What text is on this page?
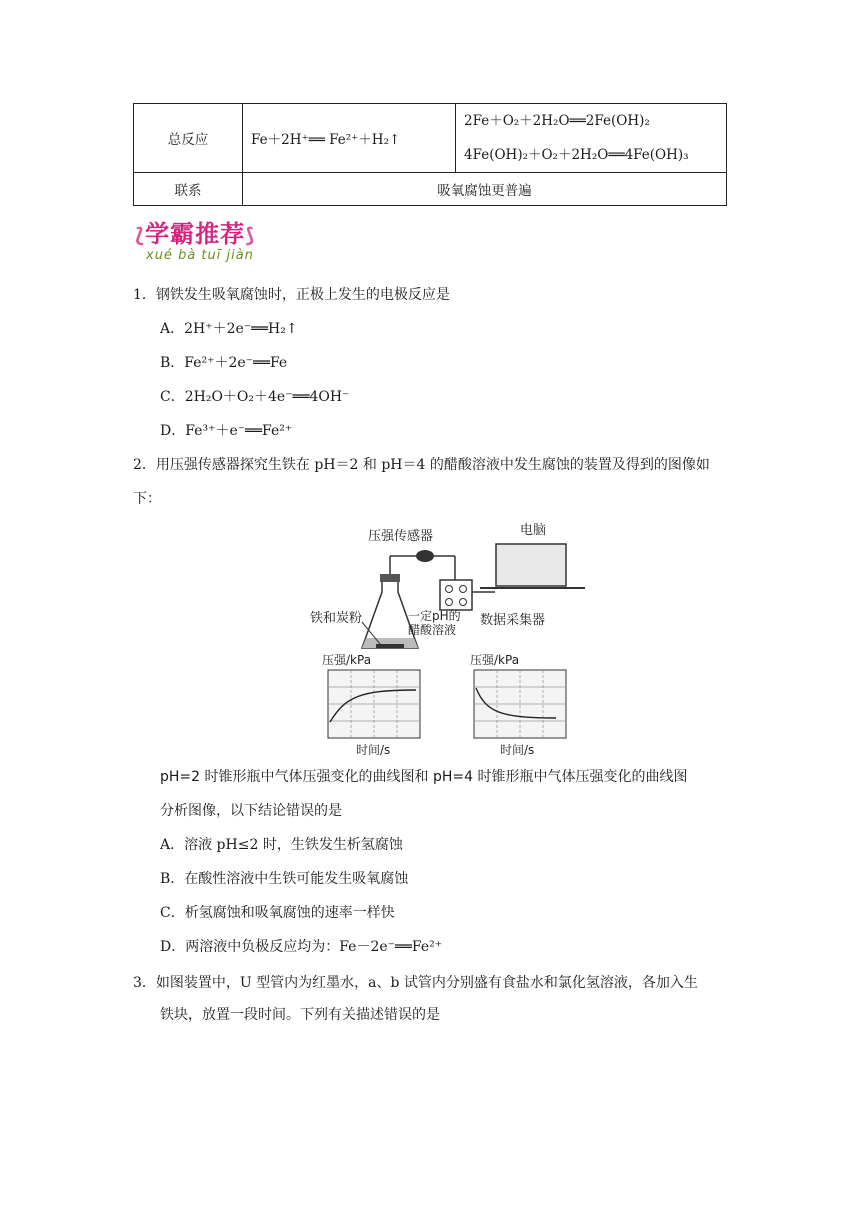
总反应	Fe＋2H⁺══ Fe²⁺＋H₂↑	2Fe＋O₂＋2H₂O══2Fe(OH)₂
4Fe(OH)₂＋O₂＋2H₂O══4Fe(OH)₃

联系	吸氧腐蚀更普遍	
⟅学霸推荐⟆
xué bà tuī jiàn
1．钢铁发生吸氧腐蚀时，正极上发生的电极反应是
A．2H⁺＋2e⁻══H₂↑
B．Fe²⁺＋2e⁻══Fe
C．2H₂O＋O₂＋4e⁻══4OH⁻
D．Fe³⁺＋e⁻══Fe²⁺
2．用压强传感器探究生铁在 pH＝2 和 pH＝4 的醋酸溶液中发生腐蚀的装置及得到的图像如
下：
压强传感器	电脑
铁和炭粉	一定pH的
醋酸溶液
数据采集器
压强/kPa
时间/s
压强/kPa
时间/s
pH=2 时锥形瓶中气体压强变化的曲线图和 pH=4 时锥形瓶中气体压强变化的曲线图
分析图像，以下结论错误的是
A．溶液 pH≤2 时，生铁发生析氢腐蚀
B．在酸性溶液中生铁可能发生吸氧腐蚀
C．析氢腐蚀和吸氧腐蚀的速率一样快
D．两溶液中负极反应均为：Fe－2e⁻══Fe²⁺
3．如图装置中，U 型管内为红墨水，a、b 试管内分别盛有食盐水和氯化氢溶液，各加入生
铁块，放置一段时间。下列有关描述错误的是
